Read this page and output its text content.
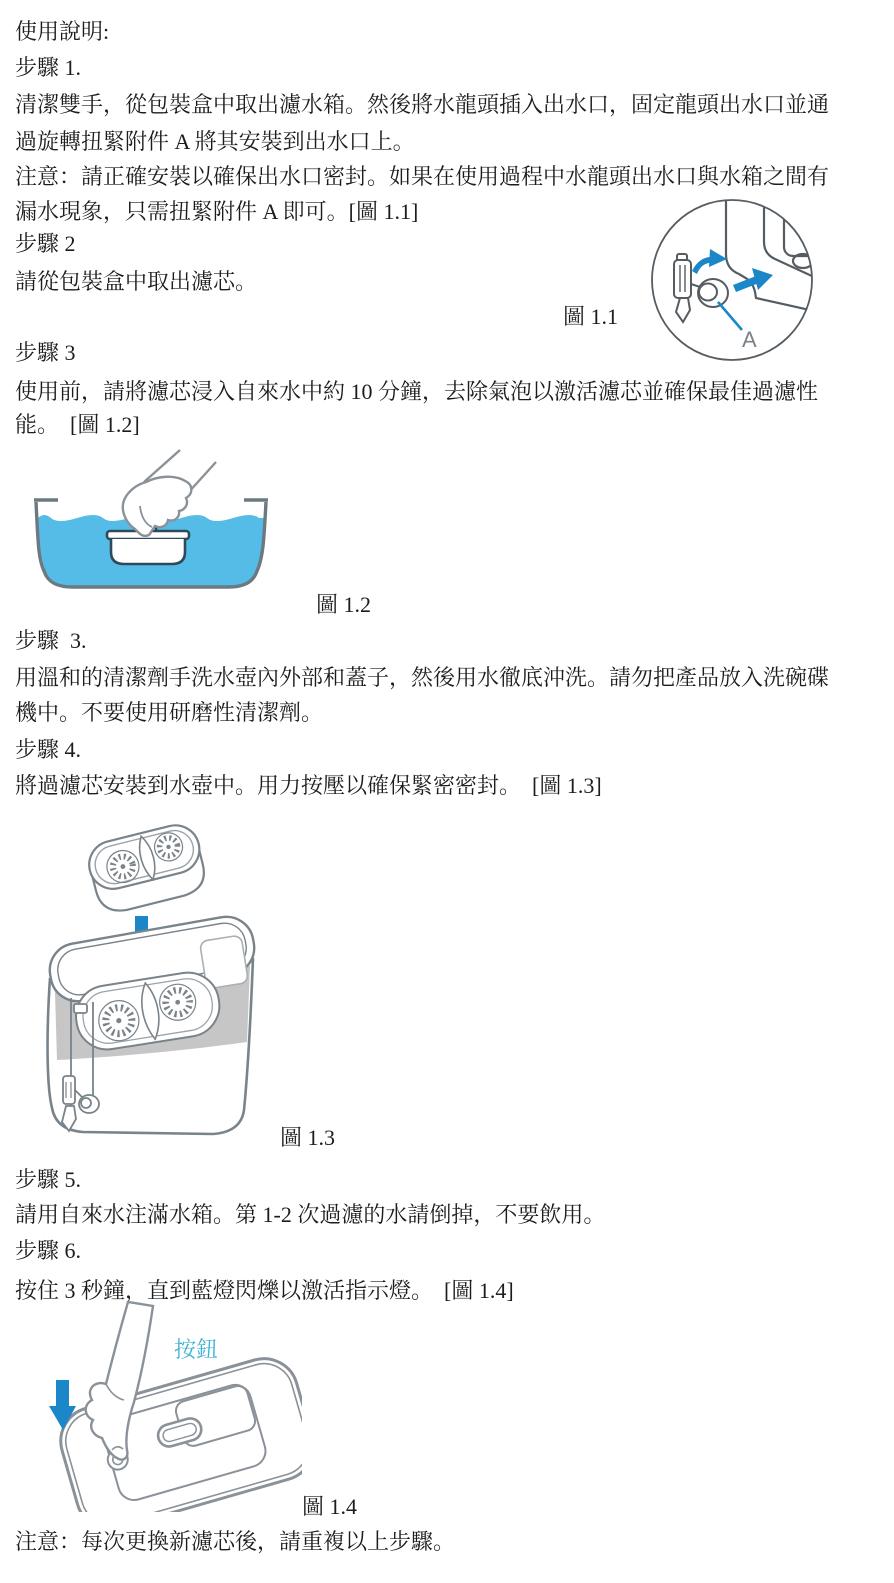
使用說明:
步驟 1.
清潔雙手，從包裝盒中取出濾水箱。然後將水龍頭插入出水口，固定龍頭出水口並通
過旋轉扭緊附件 A 將其安裝到出水口上。
注意：請正確安裝以確保出水口密封。如果在使用過程中水龍頭出水口與水箱之間有
漏水現象，只需扭緊附件 A 即可。[圖 1.1]
步驟 2
請從包裝盒中取出濾芯。
步驟 3
使用前，請將濾芯浸入自來水中約 10 分鐘，去除氣泡以激活濾芯並確保最佳過濾性
能。　[圖 1.2]
步驟  3.
用溫和的清潔劑手洗水壺內外部和蓋子，然後用水徹底沖洗。請勿把產品放入洗碗碟
機中。不要使用研磨性清潔劑。
步驟 4.
將過濾芯安裝到水壺中。用力按壓以確保緊密密封。　[圖 1.3]
步驟 5.
請用自來水注滿水箱。第 1-2 次過濾的水請倒掉，不要飲用。
步驟 6.
按住 3 秒鐘，直到藍燈閃爍以激活指示燈。　[圖 1.4]
注意：每次更換新濾芯後，請重複以上步驟。
圖 1.1
圖 1.2
圖 1.3
圖 1.4
按鈕
A
